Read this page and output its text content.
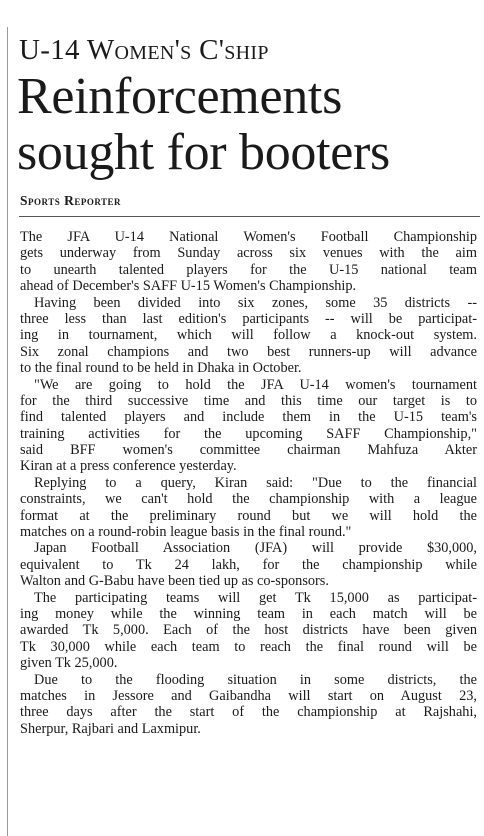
U-14 Women's C'ship
Reinforcements
sought for booters
Sports Reporter
The JFA U-14 National Women's Football Championship
gets underway from Sunday across six venues with the aim
to unearth talented players for the U-15 national team
ahead of December's SAFF U-15 Women's Championship.
Having been divided into six zones, some 35 districts --
three less than last edition's participants -- will be participat-
ing in tournament, which will follow a knock-out system.
Six zonal champions and two best runners-up will advance
to the final round to be held in Dhaka in October.
"We are going to hold the JFA U-14 women's tournament
for the third successive time and this time our target is to
find talented players and include them in the U-15 team's
training activities for the upcoming SAFF Championship,"
said BFF women's committee chairman Mahfuza Akter
Kiran at a press conference yesterday.
Replying to a query, Kiran said: "Due to the financial
constraints, we can't hold the championship with a league
format at the preliminary round but we will hold the
matches on a round-robin league basis in the final round."
Japan Football Association (JFA) will provide $30,000,
equivalent to Tk 24 lakh, for the championship while
Walton and G-Babu have been tied up as co-sponsors.
The participating teams will get Tk 15,000 as participat-
ing money while the winning team in each match will be
awarded Tk 5,000. Each of the host districts have been given
Tk 30,000 while each team to reach the final round will be
given Tk 25,000.
Due to the flooding situation in some districts, the
matches in Jessore and Gaibandha will start on August 23,
three days after the start of the championship at Rajshahi,
Sherpur, Rajbari and Laxmipur.
